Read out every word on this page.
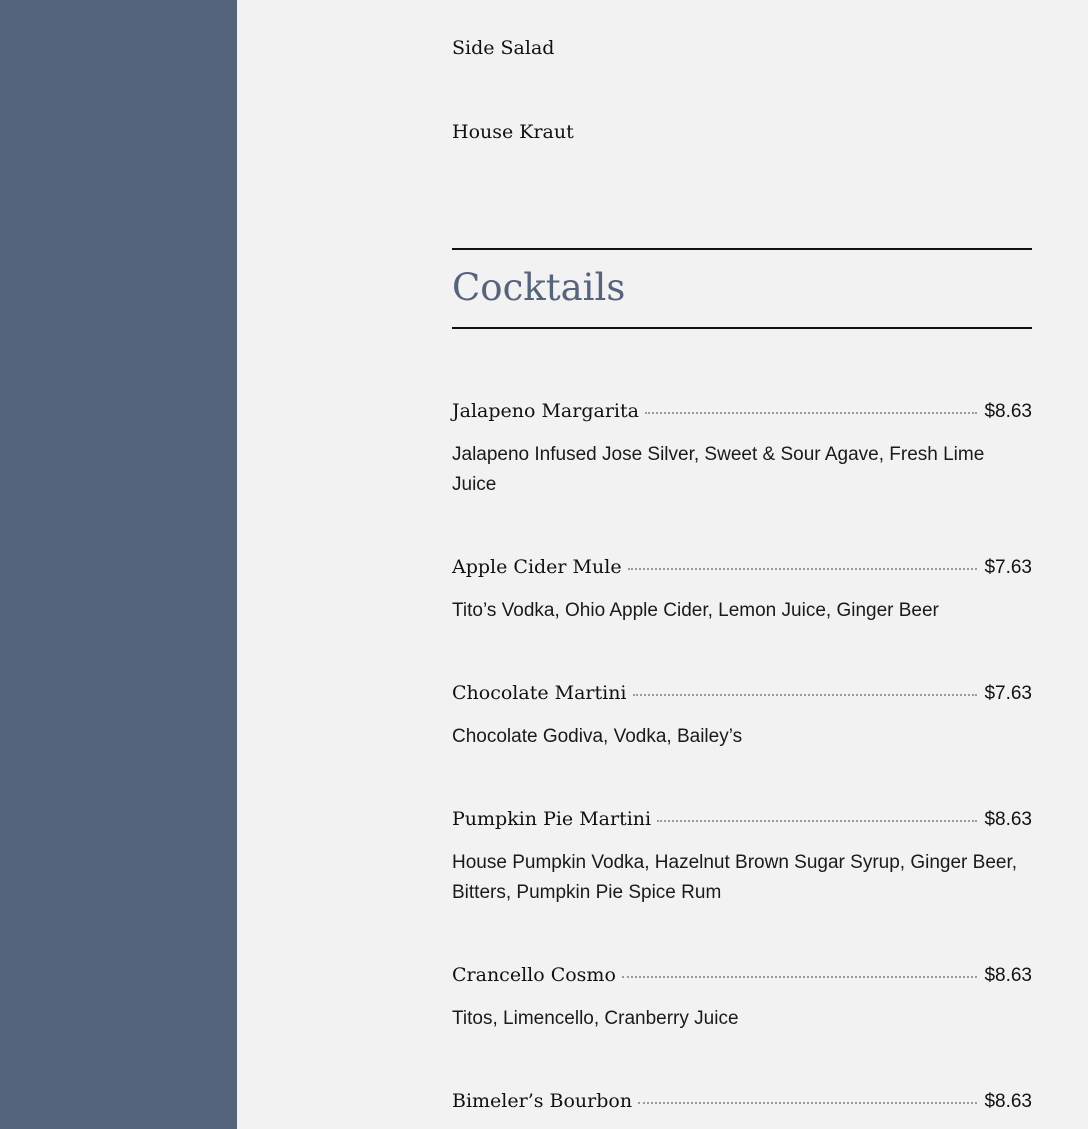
Side Salad
House Kraut
Cocktails
Jalapeno Margarita	$8.63
Jalapeno Infused Jose Silver, Sweet & Sour Agave, Fresh Lime Juice
Apple Cider Mule	$7.63
Tito’s Vodka, Ohio Apple Cider, Lemon Juice, Ginger Beer
Chocolate Martini	$7.63
Chocolate Godiva, Vodka, Bailey’s
Pumpkin Pie Martini	$8.63
House Pumpkin Vodka, Hazelnut Brown Sugar Syrup, Ginger Beer, Bitters, Pumpkin Pie Spice Rum
Crancello Cosmo	$8.63
Titos, Limencello, Cranberry Juice
Bimeler’s Bourbon	$8.63
